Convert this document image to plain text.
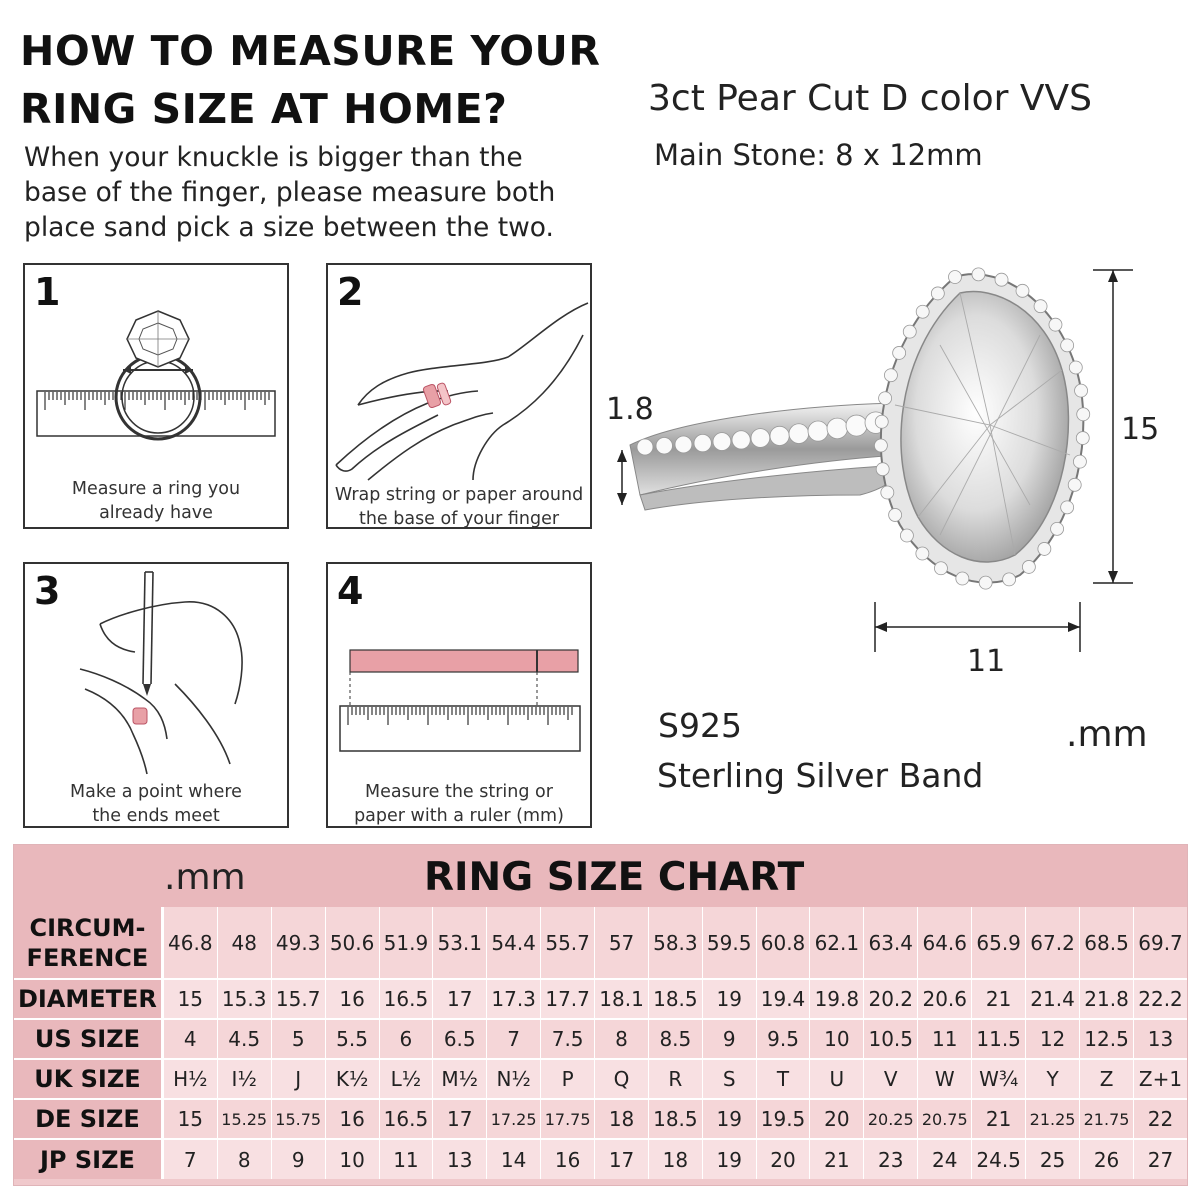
HOW TO MEASURE YOUR
RING SIZE AT HOME?
When your knuckle is bigger than the
base of the finger, please measure both
place sand pick a size between the two.
3ct Pear Cut D color VVS
Main Stone: 8 x 12mm
1
Measure a ring you
already have
2
Wrap string or paper around
the base of your finger
3
Make a point where
the ends meet
4
Measure the string or
paper with a ruler (mm)
1.8
15
11
S925
Sterling Silver Band
.mm
.mm	RING SIZE CHART
CIRCUM-
FERENCE	46.8	48	49.3	50.6	51.9	53.1	54.4	55.7	57	58.3	59.5	60.8	62.1	63.4	64.6	65.9	67.2	68.5	69.7

DIAMETER	15	15.3	15.7	16	16.5	17	17.3	17.7	18.1	18.5	19	19.4	19.8	20.2	20.6	21	21.4	21.8	22.2

US SIZE	4	4.5	5	5.5	6	6.5	7	7.5	8	8.5	9	9.5	10	10.5	11	11.5	12	12.5	13

UK SIZE	H½	I½	J	K½	L½	M½	N½	P	Q	R	S	T	U	V	W	W¾	Y	Z	Z+1

DE SIZE	15	15.25	15.75	16	16.5	17	17.25	17.75	18	18.5	19	19.5	20	20.25	20.75	21	21.25	21.75	22

JP SIZE	7	8	9	10	11	13	14	16	17	18	19	20	21	23	24	24.5	25	26	27
